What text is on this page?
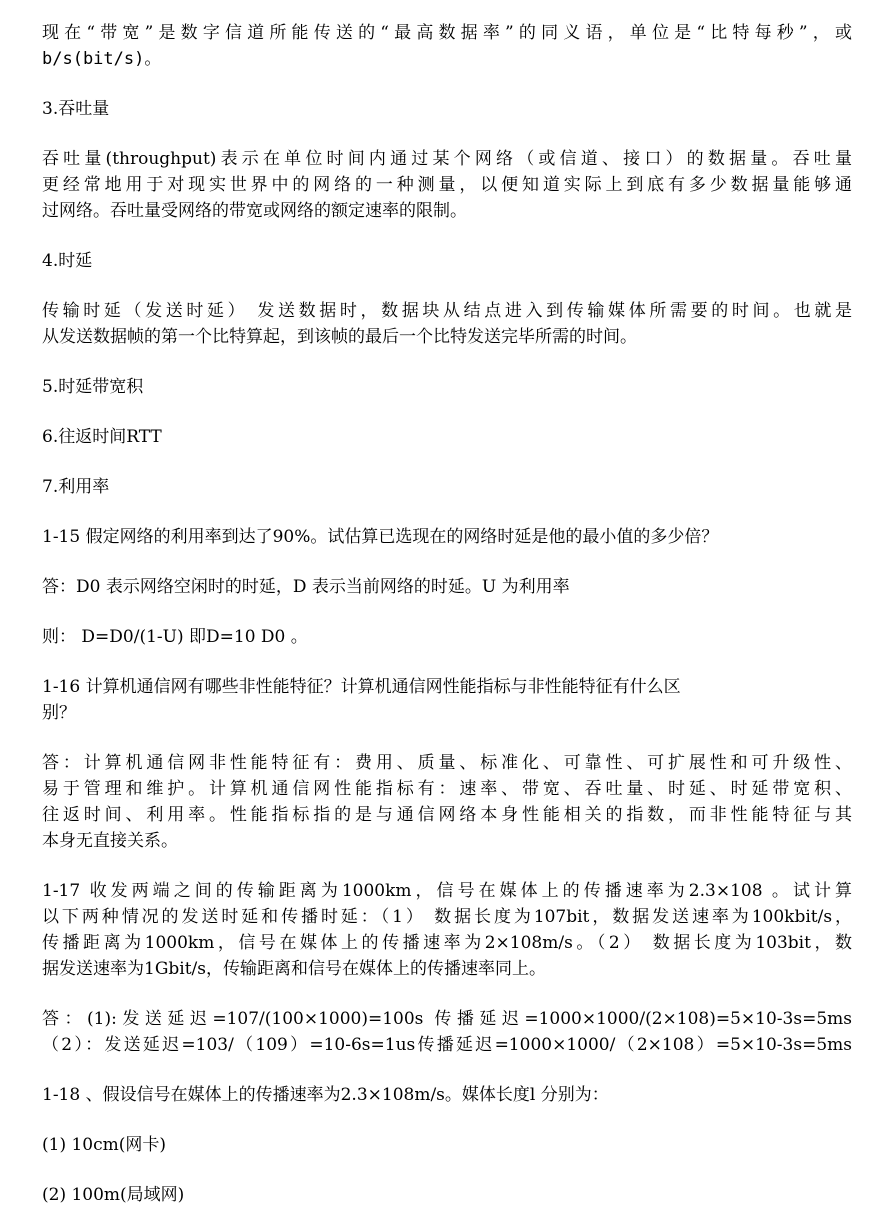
现在“带宽”是数字信道所能传送的“最高数据率”的同义语，单位是“比特每秒”，或
b/s(bit/s)。
3.吞吐量
吞吐量(throughput)表示在单位时间内通过某个网络（或信道、接口）的数据量。吞吐量
更经常地用于对现实世界中的网络的一种测量，以便知道实际上到底有多少数据量能够通
过网络。吞吐量受网络的带宽或网络的额定速率的限制。
4.时延
传输时延（发送时延） 发送数据时，数据块从结点进入到传输媒体所需要的时间。也就是
从发送数据帧的第一个比特算起，到该帧的最后一个比特发送完毕所需的时间。
5.时延带宽积
6.往返时间RTT
7.利用率
1-15 假定网络的利用率到达了90%。试估算已选现在的网络时延是他的最小值的多少倍？
答：D0 表示网络空闲时的时延，D 表示当前网络的时延。U 为利用率
则： D=D0/(1-U) 即D=10 D0 。
1-16 计算机通信网有哪些非性能特征？计算机通信网性能指标与非性能特征有什么区
别？
答：计算机通信网非性能特征有：费用、质量、标准化、可靠性、可扩展性和可升级性、
易于管理和维护。计算机通信网性能指标有：速率、带宽、吞吐量、时延、时延带宽积、
往返时间、利用率。性能指标指的是与通信网络本身性能相关的指数，而非性能特征与其
本身无直接关系。
1-17 收发两端之间的传输距离为1000km，信号在媒体上的传播速率为2.3×108 。试计算
以下两种情况的发送时延和传播时延：（1） 数据长度为107bit，数据发送速率为100kbit/s，
传播距离为1000km，信号在媒体上的传播速率为2×108m/s。（2） 数据长度为103bit，数
据发送速率为1Gbit/s，传输距离和信号在媒体上的传播速率同上。
答：(1):发送延迟=107/(100×1000)=100s 传播延迟=1000×1000/(2×108)=5×10-3s=5ms
（2）：发送延迟=103/（109）=10-6s=1us传播延迟=1000×1000/（2×108）=5×10-3s=5ms
1-18 、假设信号在媒体上的传播速率为2.3×108m/s。媒体长度l 分别为：
(1) 10cm(网卡)
(2) 100m(局域网)
